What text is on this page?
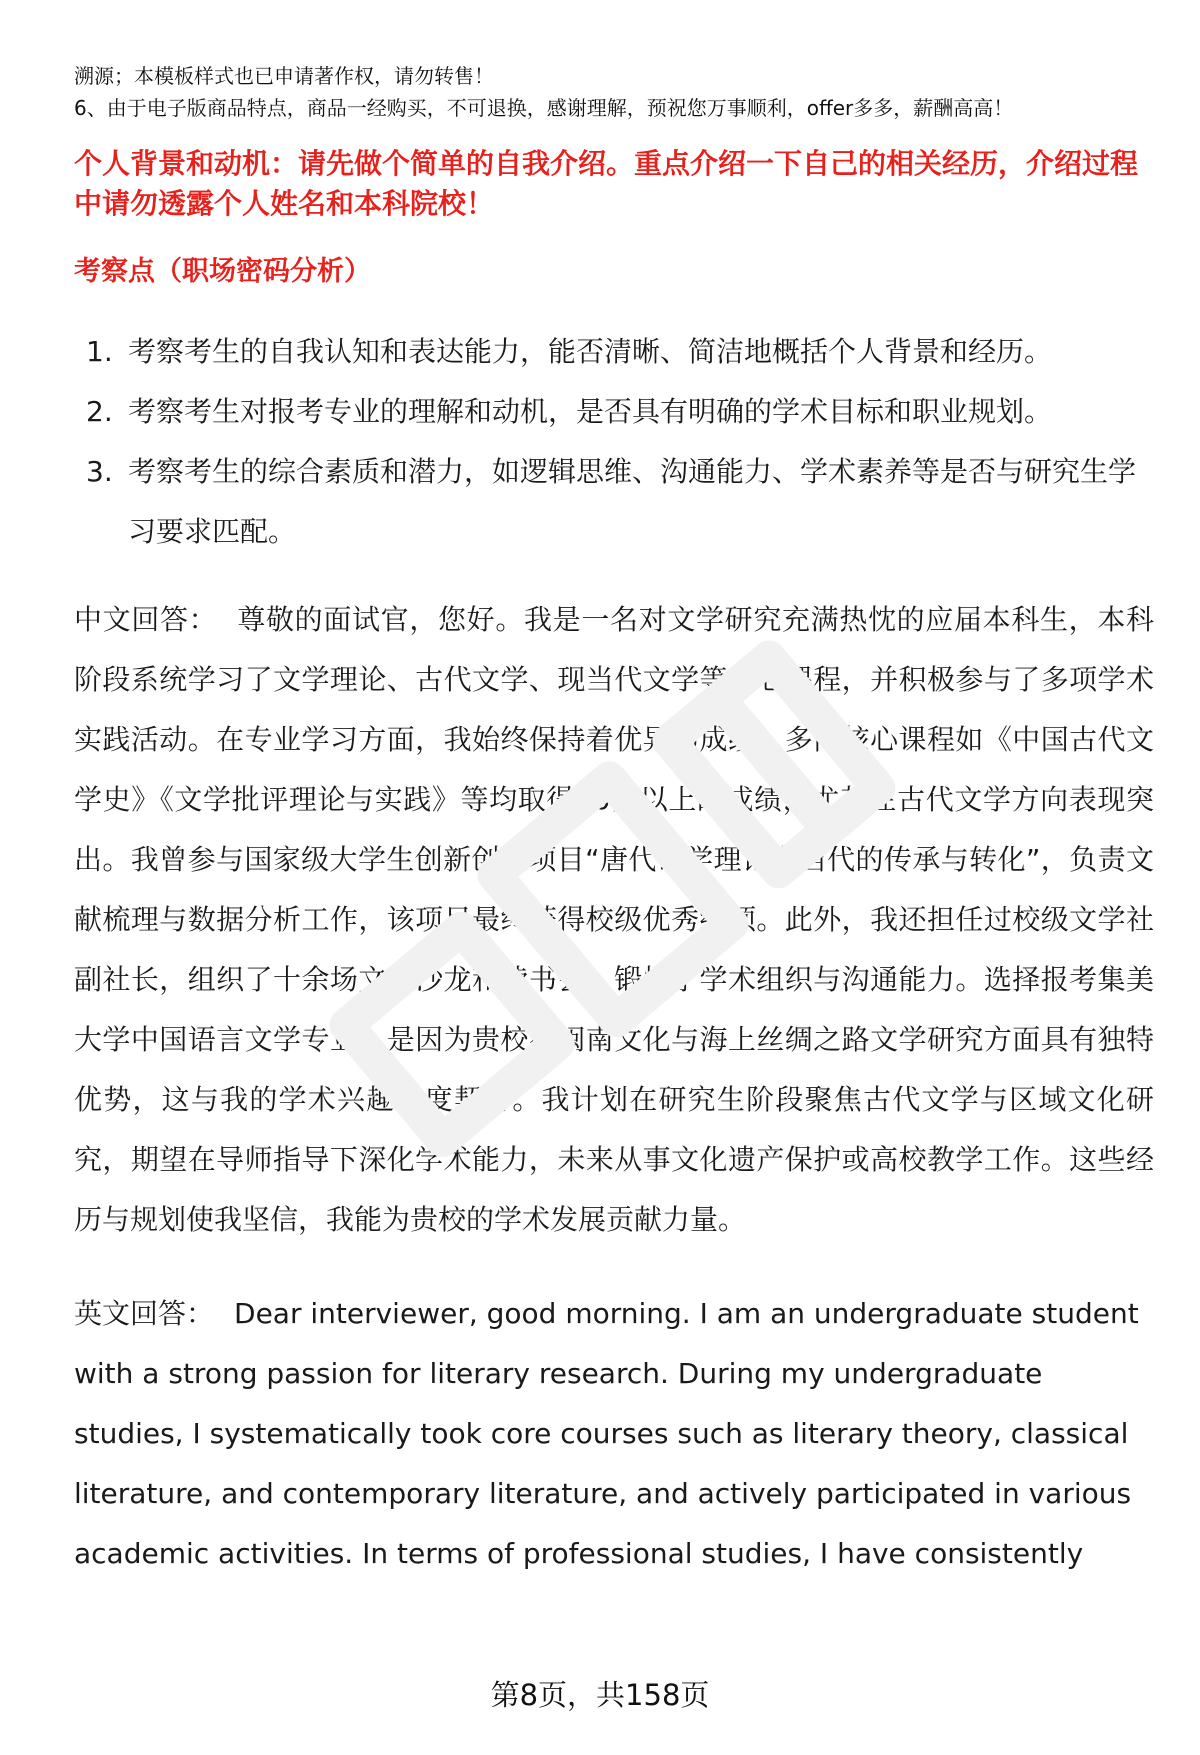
溯源；本模板样式也已申请著作权，请勿转售！

6、由于电子版商品特点，商品一经购买，不可退换，感谢理解，预祝您万事顺利，offer多多，薪酬高高！

个人背景和动机：请先做个简单的自我介绍。重点介绍一下自己的相关经历，介绍过程中请勿透露个人姓名和本科院校！
考察点（职场密码分析）
1. 考察考生的自我认知和表达能力，能否清晰、简洁地概括个人背景和经历。
2. 考察考生对报考专业的理解和动机，是否具有明确的学术目标和职业规划。
3. 考察考生的综合素质和潜力，如逻辑思维、沟通能力、学术素养等是否与研究生学习要求匹配。

中文回答： 尊敬的面试官，您好。我是一名对文学研究充满热忱的应届本科生，本科阶段系统学习了文学理论、古代文学、现当代文学等核心课程，并积极参与了多项学术实践活动。在专业学习方面，我始终保持着优异的成绩，多门核心课程如《中国古代文学史》《文学批评理论与实践》等均取得90分以上的成绩，尤其在古代文学方向表现突出。我曾参与国家级大学生创新创业项目“唐代诗学理论在当代的传承与转化”，负责文献梳理与数据分析工作，该项目最终获得校级优秀结项。此外，我还担任过校级文学社副社长，组织了十余场文学沙龙和读书会，锻炼了学术组织与沟通能力。选择报考集美大学中国语言文学专业，是因为贵校在闽南文化与海上丝绸之路文学研究方面具有独特优势，这与我的学术兴趣高度契合。我计划在研究生阶段聚焦古代文学与区域文化研究，期望在导师指导下深化学术能力，未来从事文化遗产保护或高校教学工作。这些经历与规划使我坚信，我能为贵校的学术发展贡献力量。

英文回答： Dear interviewer, good morning. I am an undergraduate student with a strong passion for literary research. During my undergraduate studies, I systematically took core courses such as literary theory, classical literature, and contemporary literature, and actively participated in various academic activities. In terms of professional studies, I have consistently

第8页，共158页
